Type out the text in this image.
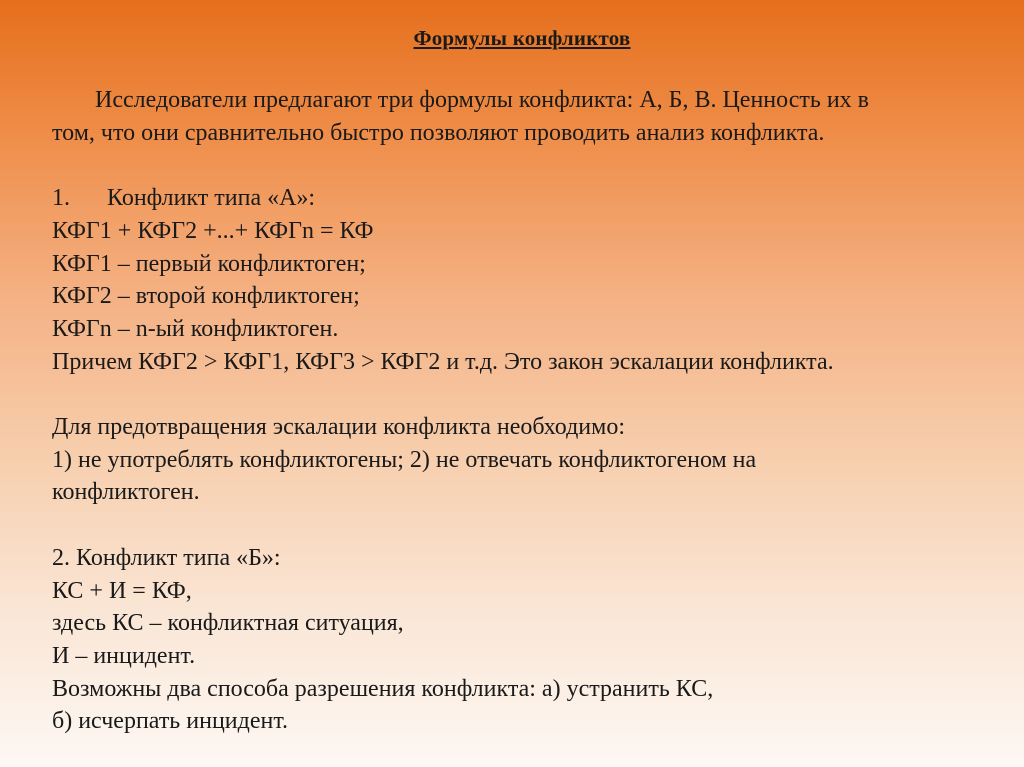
Формулы конфликтов
Исследователи предлагают три формулы конфликта: А, Б, В. Ценность их в
том, что они сравнительно быстро позволяют проводить анализ конфликта.
1. Конфликт типа «А»:
КФГ1 + КФГ2 +...+ КФГn = КФ
КФГ1 – первый конфликтоген;
КФГ2 – второй конфликтоген;
КФГn – n-ый конфликтоген.
Причем КФГ2 > КФГ1, КФГ3 > КФГ2 и т.д. Это закон эскалации конфликта.
Для предотвращения эскалации конфликта необходимо:
1) не употреблять конфликтогены; 2) не отвечать конфликтогеном на
конфликтоген.
2. Конфликт типа «Б»:
КС + И = КФ,
здесь КС – конфликтная ситуация,
И – инцидент.
Возможны два способа разрешения конфликта: а) устранить КС,
б) исчерпать инцидент.
